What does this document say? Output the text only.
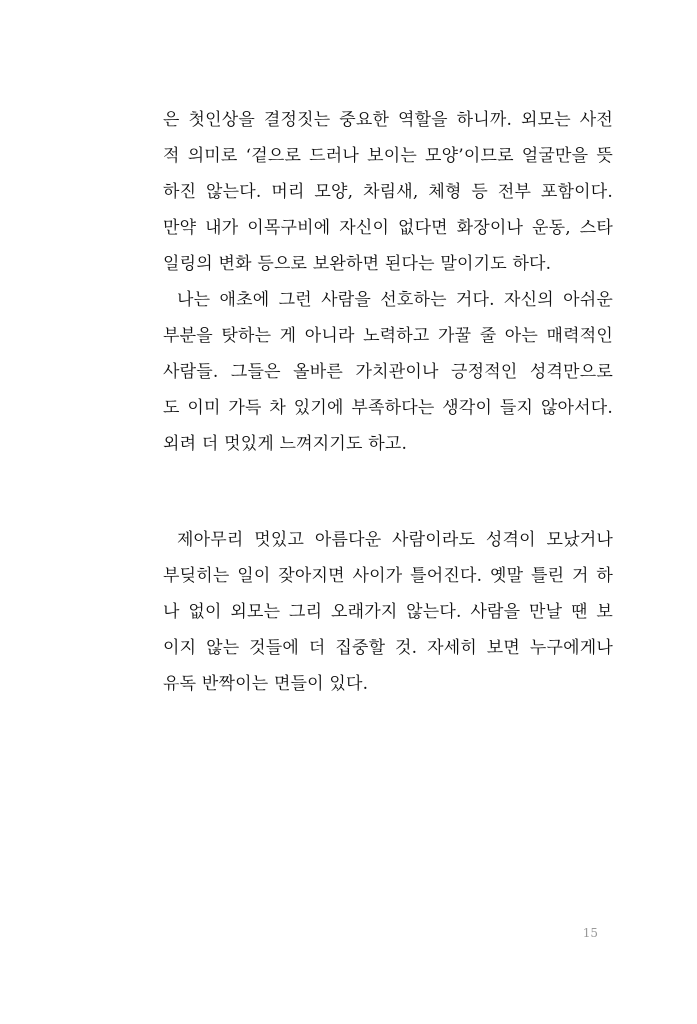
은 첫인상을 결정짓는 중요한 역할을 하니까. 외모는 사전
적 의미로 ‘겉으로 드러나 보이는 모양’이므로 얼굴만을 뜻
하진 않는다. 머리 모양, 차림새, 체형 등 전부 포함이다.
만약 내가 이목구비에 자신이 없다면 화장이나 운동, 스타
일링의 변화 등으로 보완하면 된다는 말이기도 하다.
나는 애초에 그런 사람을 선호하는 거다. 자신의 아쉬운
부분을 탓하는 게 아니라 노력하고 가꿀 줄 아는 매력적인
사람들. 그들은 올바른 가치관이나 긍정적인 성격만으로
도 이미 가득 차 있기에 부족하다는 생각이 들지 않아서다.
외려 더 멋있게 느껴지기도 하고.
제아무리 멋있고 아름다운 사람이라도 성격이 모났거나
부딪히는 일이 잦아지면 사이가 틀어진다. 옛말 틀린 거 하
나 없이 외모는 그리 오래가지 않는다. 사람을 만날 땐 보
이지 않는 것들에 더 집중할 것. 자세히 보면 누구에게나
유독 반짝이는 면들이 있다.
15
